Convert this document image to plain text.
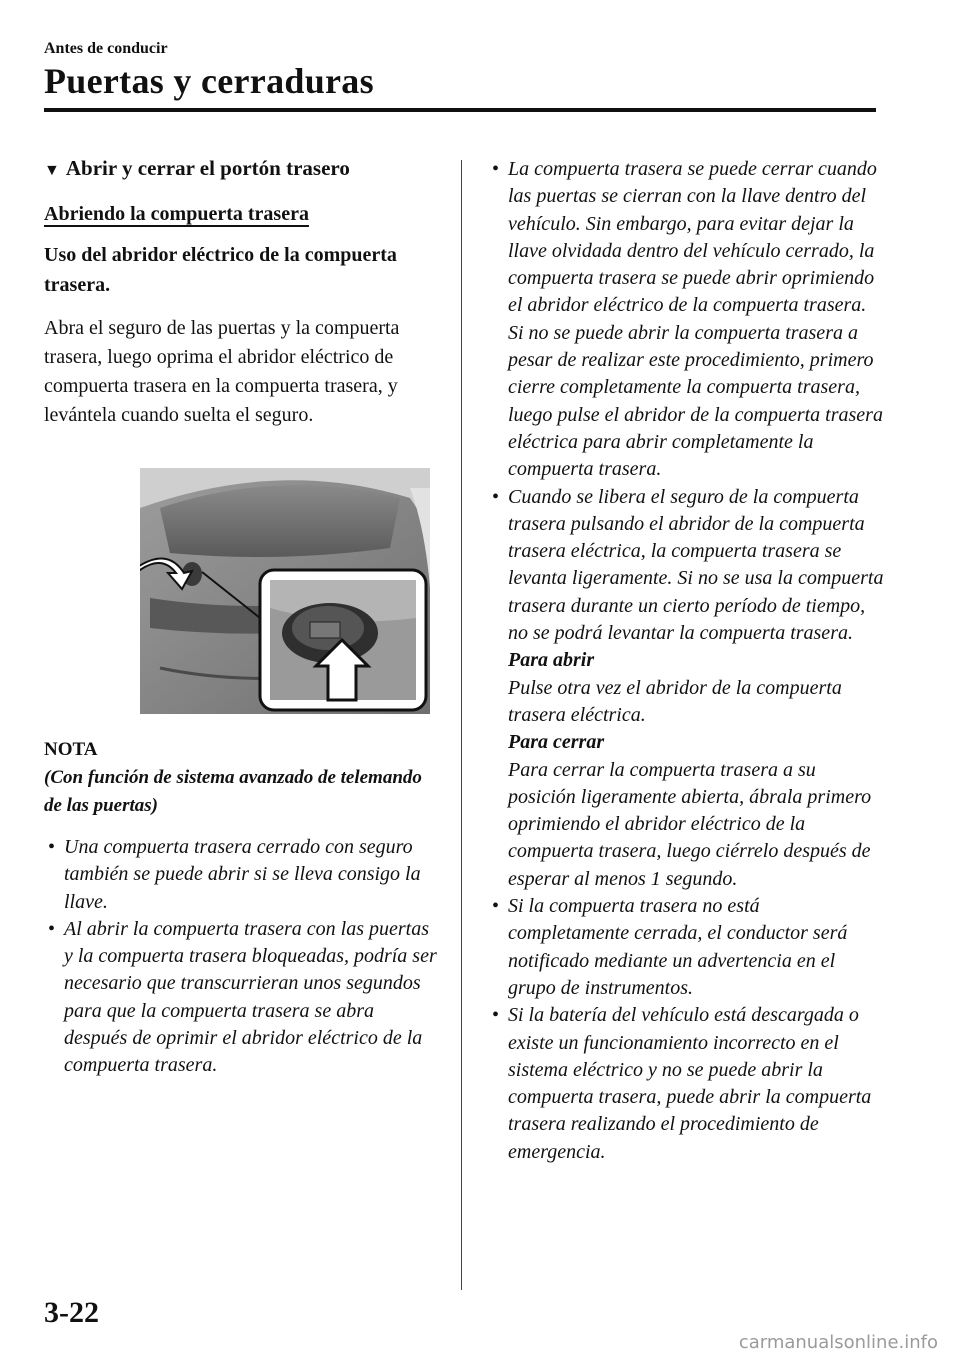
Antes de conducir
Puertas y cerraduras
▼ Abrir y cerrar el portón trasero
Abriendo la compuerta trasera
Uso del abridor eléctrico de la compuerta trasera.

Abra el seguro de las puertas y la compuerta trasera, luego oprima el abridor eléctrico de compuerta trasera en la compuerta trasera, y levántela cuando suelta el seguro.

NOTA

(Con función de sistema avanzado de telemando de las puertas)

• Una compuerta trasera cerrado con seguro también se puede abrir si se lleva consigo la llave.
• Al abrir la compuerta trasera con las puertas y la compuerta trasera bloqueadas, podría ser necesario que transcurrieran unos segundos para que la compuerta trasera se abra después de oprimir el abridor eléctrico de la compuerta trasera.
• La compuerta trasera se puede cerrar cuando las puertas se cierran con la llave dentro del vehículo. Sin embargo, para evitar dejar la llave olvidada dentro del vehículo cerrado, la compuerta trasera se puede abrir oprimiendo el abridor eléctrico de la compuerta trasera. Si no se puede abrir la compuerta trasera a pesar de realizar este procedimiento, primero cierre completamente la compuerta trasera, luego pulse el abridor de la compuerta trasera eléctrica para abrir completamente la compuerta trasera.
• Cuando se libera el seguro de la compuerta trasera pulsando el abridor de la compuerta trasera eléctrica, la compuerta trasera se levanta ligeramente. Si no se usa la compuerta trasera durante un cierto período de tiempo, no se podrá levantar la compuerta trasera.
Para abrir
Pulse otra vez el abridor de la compuerta trasera eléctrica.
Para cerrar
Para cerrar la compuerta trasera a su posición ligeramente abierta, ábrala primero oprimiendo el abridor eléctrico de la compuerta trasera, luego ciérrelo después de esperar al menos 1 segundo.
• Si la compuerta trasera no está completamente cerrada, el conductor será notificado mediante un advertencia en el grupo de instrumentos.
• Si la batería del vehículo está descargada o existe un funcionamiento incorrecto en el sistema eléctrico y no se puede abrir la compuerta trasera, puede abrir la compuerta trasera realizando el procedimiento de emergencia.
3-22
carmanualsonline.info
